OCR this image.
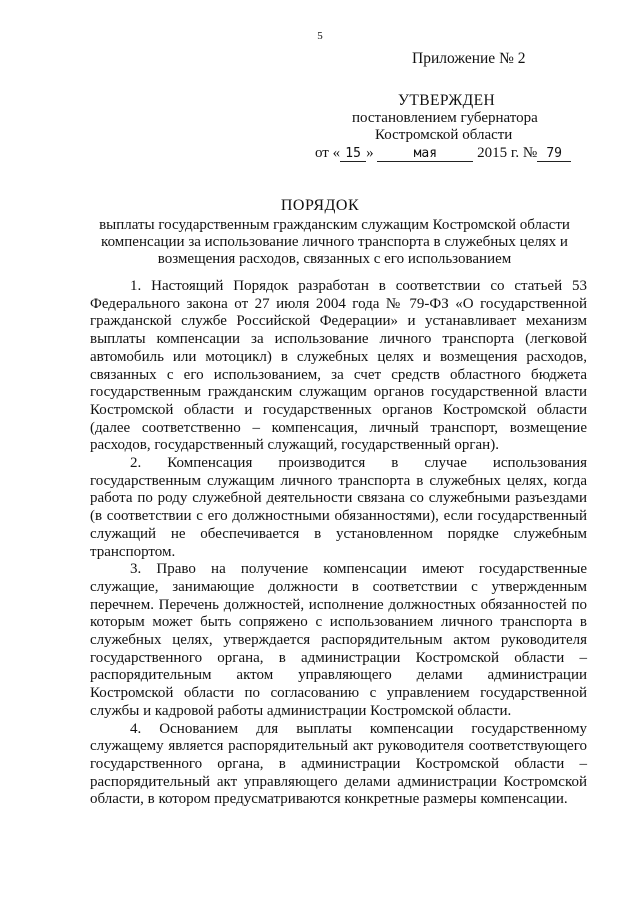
5
Приложение № 2
УТВЕРЖДЕН
постановлением губернатора
Костромской области
от « 15 »	мая	2015 г. № 79
ПОРЯДОК
выплаты государственным гражданским служащим Костромской области компенсации за использование личного транспорта в служебных целях и возмещения расходов, связанных с его использованием

1. Настоящий Порядок разработан в соответствии со статьей 53 Федерального закона от 27 июля 2004 года № 79-ФЗ «О государственной гражданской службе Российской Федерации» и устанавливает механизм выплаты компенсации за использование личного транспорта (легковой автомобиль или мотоцикл) в служебных целях и возмещения расходов, связанных с его использованием, за счет средств областного бюджета государственным гражданским служащим органов государственной власти Костромской области и государственных органов Костромской области (далее соответственно – компенсация, личный транспорт, возмещение расходов, государственный служащий, государственный орган).

2. Компенсация производится в случае использования государственным служащим личного транспорта в служебных целях, когда работа по роду служебной деятельности связана со служебными разъездами (в соответствии с его должностными обязанностями), если государственный служащий не обеспечивается в установленном порядке служебным транспортом.

3. Право на получение компенсации имеют государственные служащие, занимающие должности в соответствии с утвержденным перечнем. Перечень должностей, исполнение должностных обязанностей по которым может быть сопряжено с использованием личного транспорта в служебных целях, утверждается распорядительным актом руководителя государственного органа, в администрации Костромской области – распорядительным актом управляющего делами администрации Костромской области по согласованию с управлением государственной службы и кадровой работы администрации Костромской области.

4. Основанием для выплаты компенсации государственному служащему является распорядительный акт руководителя соответствующего государственного органа, в администрации Костромской области – распорядительный акт управляющего делами администрации Костромской области, в котором предусматриваются конкретные размеры компенсации.
